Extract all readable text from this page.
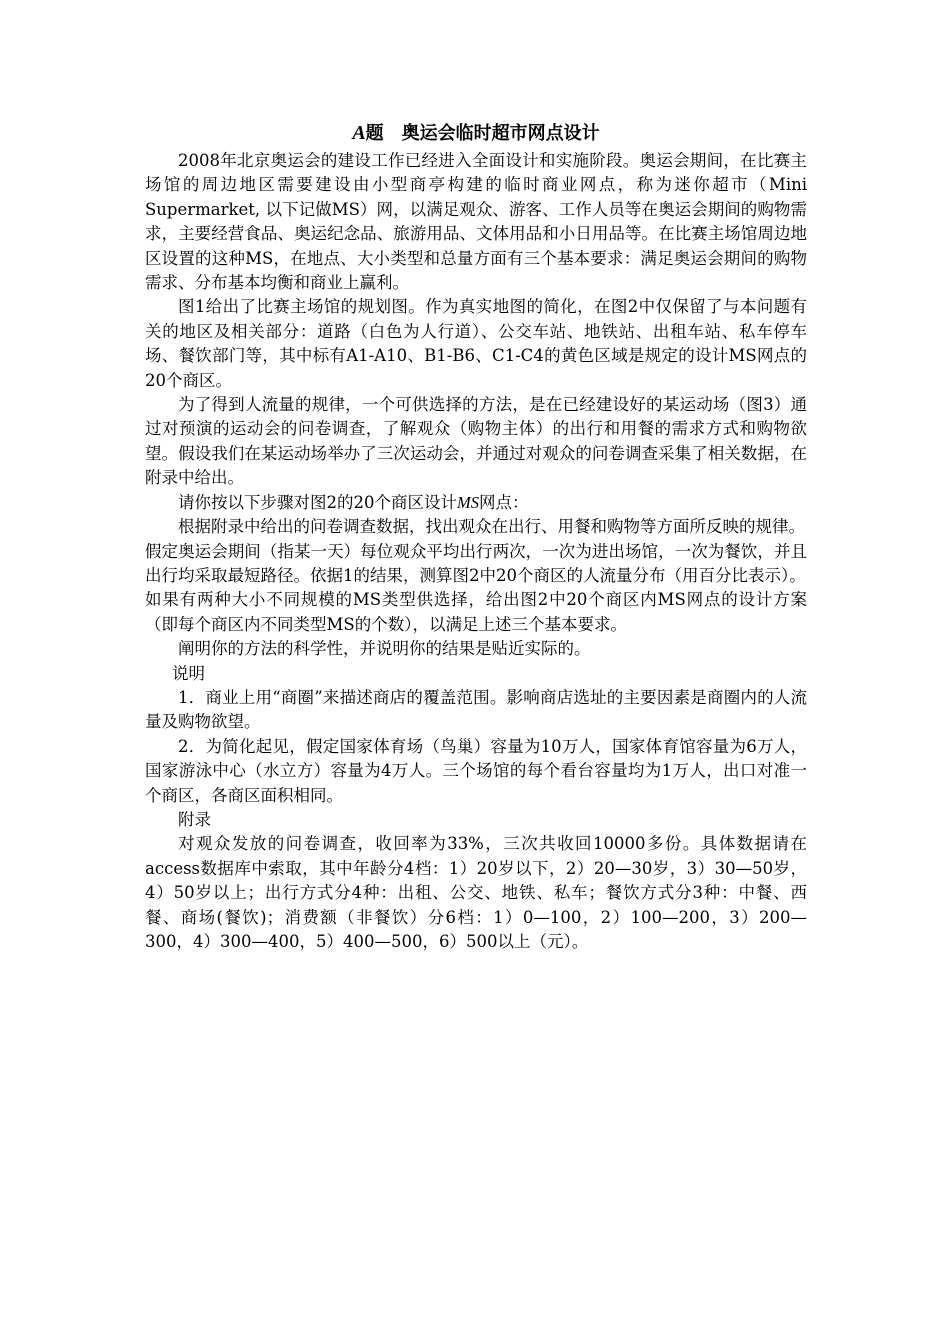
A题　奥运会临时超市网点设计

2008年北京奥运会的建设工作已经进入全面设计和实施阶段。奥运会期间，在比赛主场馆的周边地区需要建设由小型商亭构建的临时商业网点，称为迷你超市（Mini Supermarket, 以下记做MS）网，以满足观众、游客、工作人员等在奥运会期间的购物需求，主要经营食品、奥运纪念品、旅游用品、文体用品和小日用品等。在比赛主场馆周边地区设置的这种MS，在地点、大小类型和总量方面有三个基本要求：满足奥运会期间的购物需求、分布基本均衡和商业上赢利。

图1给出了比赛主场馆的规划图。作为真实地图的简化，在图2中仅保留了与本问题有关的地区及相关部分：道路（白色为人行道）、公交车站、地铁站、出租车站、私车停车场、餐饮部门等，其中标有A1-A10、B1-B6、C1-C4的黄色区域是规定的设计MS网点的20个商区。

为了得到人流量的规律，一个可供选择的方法，是在已经建设好的某运动场（图3）通过对预演的运动会的问卷调查，了解观众（购物主体）的出行和用餐的需求方式和购物欲望。假设我们在某运动场举办了三次运动会，并通过对观众的问卷调查采集了相关数据，在附录中给出。

请你按以下步骤对图2的20个商区设计MS网点：

根据附录中给出的问卷调查数据，找出观众在出行、用餐和购物等方面所反映的规律。

假定奥运会期间（指某一天）每位观众平均出行两次，一次为进出场馆，一次为餐饮，并且出行均采取最短路径。依据1的结果，测算图2中20个商区的人流量分布（用百分比表示）。

如果有两种大小不同规模的MS类型供选择，给出图2中20个商区内MS网点的设计方案（即每个商区内不同类型MS的个数），以满足上述三个基本要求。

阐明你的方法的科学性，并说明你的结果是贴近实际的。

说明

1．商业上用“商圈”来描述商店的覆盖范围。影响商店选址的主要因素是商圈内的人流量及购物欲望。

2．为简化起见，假定国家体育场（鸟巢）容量为10万人，国家体育馆容量为6万人，国家游泳中心（水立方）容量为4万人。三个场馆的每个看台容量均为1万人，出口对准一个商区，各商区面积相同。

附录

对观众发放的问卷调查，收回率为33%，三次共收回10000多份。具体数据请在access数据库中索取，其中年龄分4档：1）20岁以下，2）20—30岁，3）30—50岁，4）50岁以上；出行方式分4种：出租、公交、地铁、私车；餐饮方式分3种：中餐、西餐、商场(餐饮)；消费额（非餐饮）分6档：1）0—100，2）100—200，3）200—300，4）300—400，5）400—500，6）500以上（元）。
